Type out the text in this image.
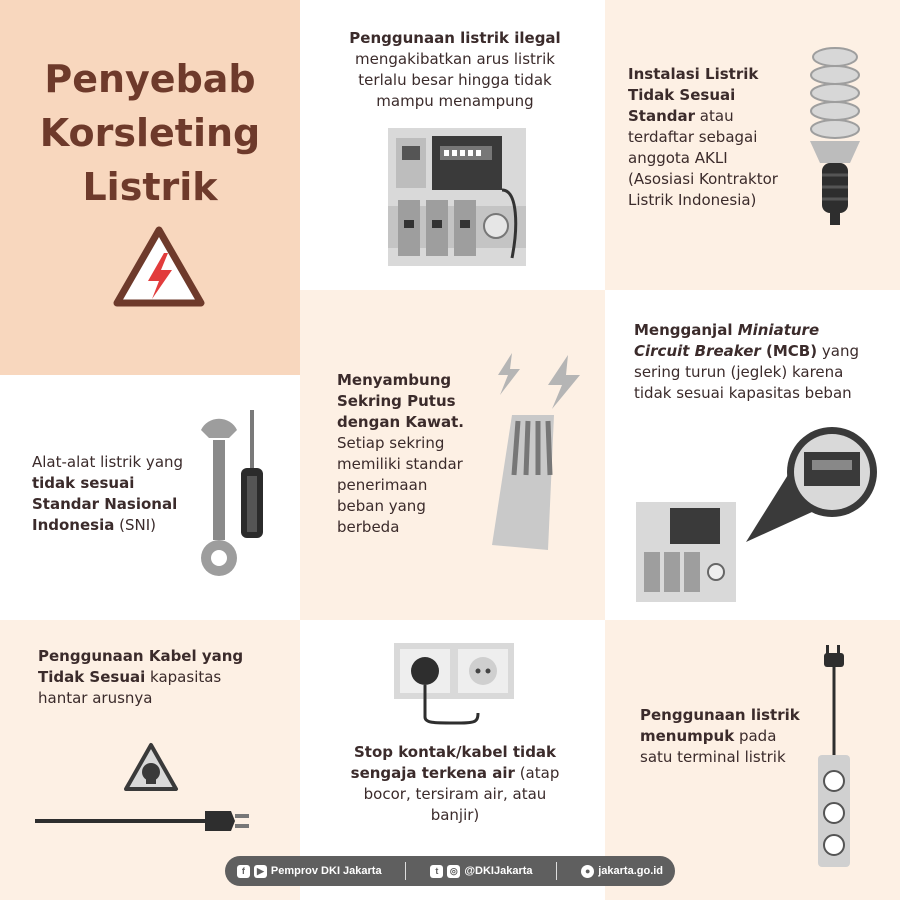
Penyebab
Korsleting
Listrik
Penggunaan listrik ilegal mengakibatkan arus listrik terlalu besar hingga tidak mampu menampung
Instalasi Listrik Tidak Sesuai Standar atau terdaftar sebagai anggota AKLI (Asosiasi Kontraktor Listrik Indonesia)
Alat-alat listrik yang tidak sesuai Standar Nasional Indonesia (SNI)
Menyambung Sekring Putus dengan Kawat. Setiap sekring memiliki standar penerimaan beban yang berbeda
Mengganjal Miniature Circuit Breaker (MCB) yang sering turun (jeglek) karena tidak sesuai kapasitas beban
Penggunaan Kabel yang Tidak Sesuai kapasitas hantar arusnya
Stop kontak/kabel tidak sengaja terkena air (atap bocor, tersiram air, atau banjir)
Penggunaan listrik menumpuk pada satu terminal listrik
f	▶ Pemprov DKI Jakarta	t	◎ @DKIJakarta	● jakarta.go.id
